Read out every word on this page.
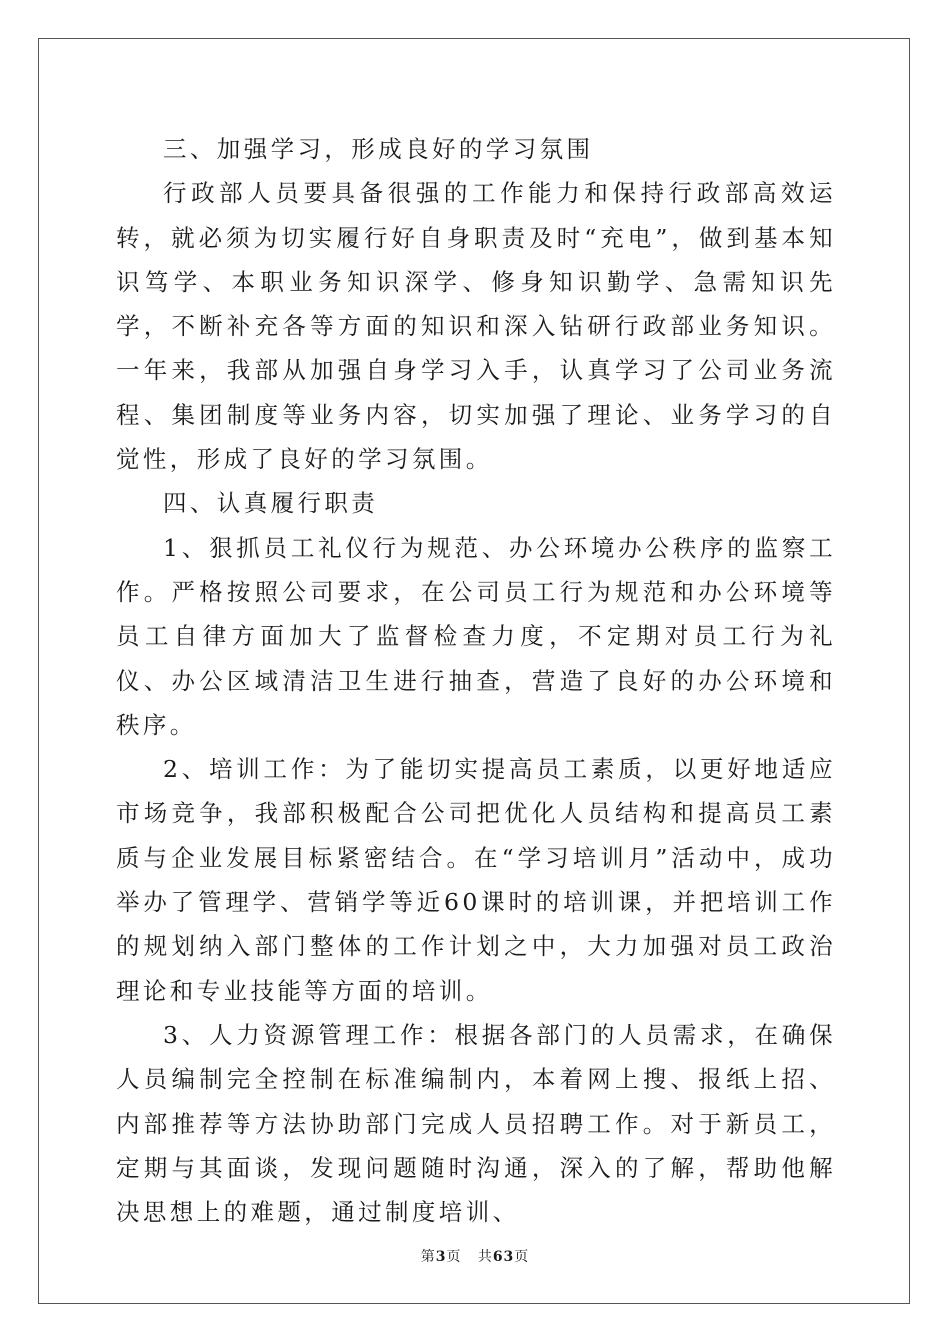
三、加强学习，形成良好的学习氛围

行政部人员要具备很强的工作能力和保持行政部高效运转，就必须为切实履行好自身职责及时“充电”，做到基本知识笃学、本职业务知识深学、修身知识勤学、急需知识先学，不断补充各等方面的知识和深入钻研行政部业务知识。一年来，我部从加强自身学习入手，认真学习了公司业务流程、集团制度等业务内容，切实加强了理论、业务学习的自觉性，形成了良好的学习氛围。

四、认真履行职责

1、狠抓员工礼仪行为规范、办公环境办公秩序的监察工作。严格按照公司要求，在公司员工行为规范和办公环境等员工自律方面加大了监督检查力度，不定期对员工行为礼仪、办公区域清洁卫生进行抽查，营造了良好的办公环境和秩序。

2、培训工作：为了能切实提高员工素质，以更好地适应市场竞争，我部积极配合公司把优化人员结构和提高员工素质与企业发展目标紧密结合。在“学习培训月”活动中，成功举办了管理学、营销学等近60课时的培训课，并把培训工作的规划纳入部门整体的工作计划之中，大力加强对员工政治理论和专业技能等方面的培训。

3、人力资源管理工作：根据各部门的人员需求，在确保人员编制完全控制在标准编制内，本着网上搜、报纸上招、内部推荐等方法协助部门完成人员招聘工作。对于新员工，定期与其面谈，发现问题随时沟通，深入的了解，帮助他解决思想上的难题，通过制度培训、

第3页 共63页
